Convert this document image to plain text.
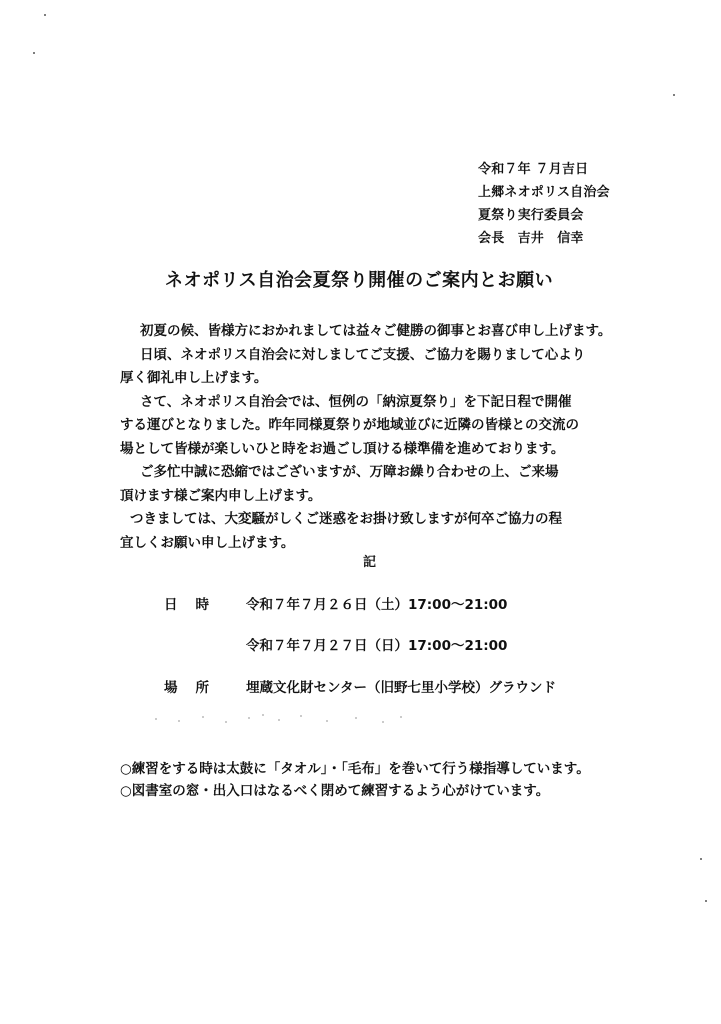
令和７年 ７月吉日
上郷ネオポリス自治会
夏祭り実行委員会
会長　吉井　信幸
ネオポリス自治会夏祭り開催のご案内とお願い
初夏の候、皆様方におかれましては益々ご健勝の御事とお喜び申し上げます。
日頃、ネオポリス自治会に対しましてご支援、ご協力を賜りまして心より
厚く御礼申し上げます。
さて、ネオポリス自治会では、恒例の「納涼夏祭り」を下記日程で開催
する運びとなりました。昨年同様夏祭りが地域並びに近隣の皆様との交流の
場として皆様が楽しいひと時をお過ごし頂ける様準備を進めております。
ご多忙中誠に恐縮ではございますが、万障お繰り合わせの上、ご来場
頂けます様ご案内申し上げます。
つきましては、大変騒がしくご迷惑をお掛け致しますが何卒ご協力の程
宜しくお願い申し上げます。
記
日時 令和７年７月２６日（土）17:00～21:00
令和７年７月２７日（日）17:00～21:00
場所 埋蔵文化財センター（旧野七里小学校）グラウンド
○練習をする時は太鼓に「タオル」・「毛布」を巻いて行う様指導しています。
○図書室の窓・出入口はなるべく閉めて練習するよう心がけています。
